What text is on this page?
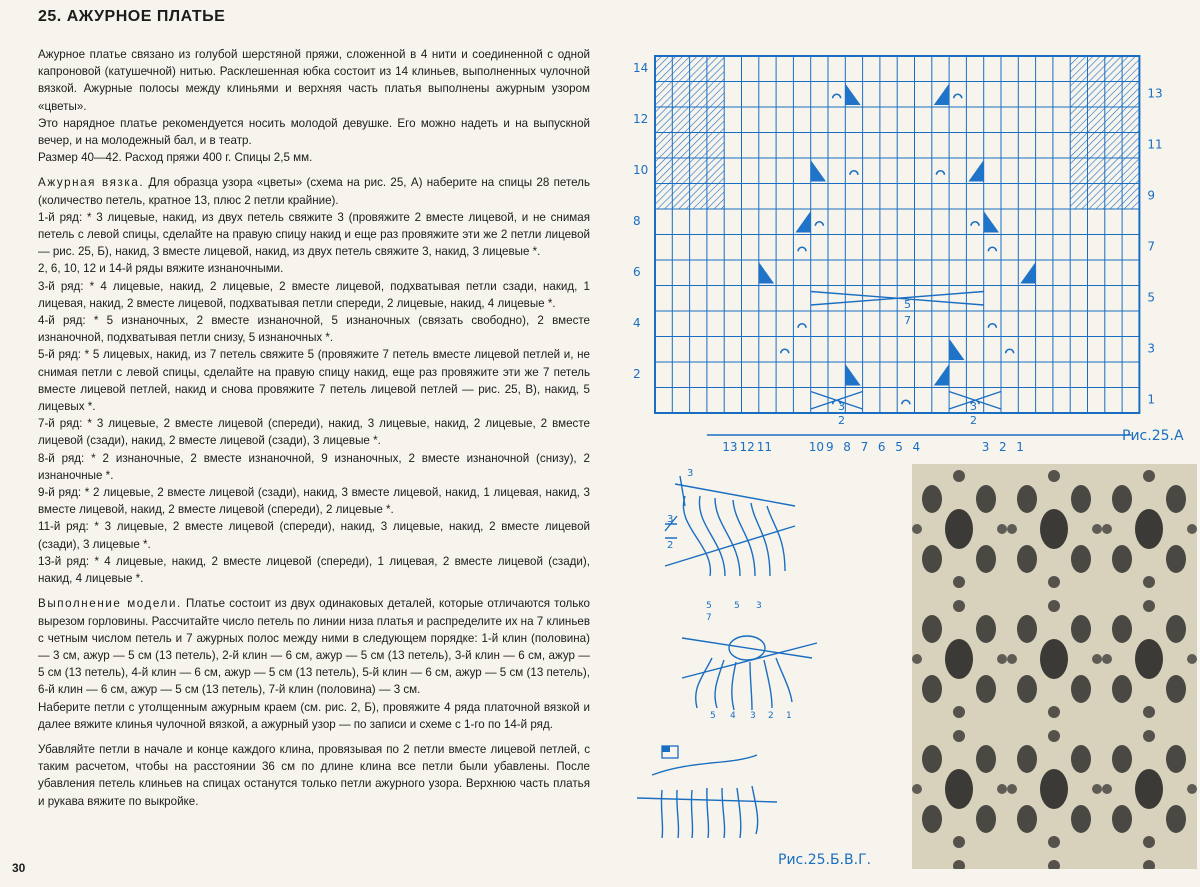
25. АЖУРНОЕ ПЛАТЬЕ

Ажурное платье связано из голубой шерстяной пряжи, сложенной в 4 нити и соединенной с одной капроновой (катушечной) нитью. Расклешенная юбка состоит из 14 клиньев, выполненных чулочной вязкой. Ажурные полосы между клиньями и верхняя часть платья выполнены ажурным узором «цветы».

Это нарядное платье рекомендуется носить молодой девушке. Его можно надеть и на выпускной вечер, и на молодежный бал, и в театр.

Размер 40—42. Расход пряжи 400 г. Спицы 2,5 мм.

Ажурная вязка. Для образца узора «цветы» (схема на рис. 25, А) наберите на спицы 28 петель (количество петель, кратное 13, плюс 2 петли крайние).

1-й ряд: * 3 лицевые, накид, из двух петель свяжите 3 (провяжите 2 вместе лицевой, и не снимая петель с левой спицы, сделайте на правую спицу накид и еще раз провяжите эти же 2 петли лицевой — рис. 25, Б), накид, 3 вместе лицевой, накид, из двух петель свяжите 3, накид, 3 лицевые *.

2, 6, 10, 12 и 14-й ряды вяжите изнаночными.

3-й ряд: * 4 лицевые, накид, 2 лицевые, 2 вместе лицевой, подхватывая петли сзади, накид, 1 лицевая, накид, 2 вместе лицевой, подхватывая петли спереди, 2 лицевые, накид, 4 лицевые *.

4-й ряд: * 5 изнаночных, 2 вместе изнаночной, 5 изнаночных (связать свободно), 2 вместе изнаночной, подхватывая петли снизу, 5 изнаночных *.

5-й ряд: * 5 лицевых, накид, из 7 петель свяжите 5 (провяжите 7 петель вместе лицевой петлей и, не снимая петли с левой спицы, сделайте на правую спицу накид, еще раз провяжите эти же 7 петель вместе лицевой петлей, накид и снова провяжите 7 петель лицевой петлей — рис. 25, В), накид, 5 лицевых *.

7-й ряд: * 3 лицевые, 2 вместе лицевой (спереди), накид, 3 лицевые, накид, 2 лицевые, 2 вместе лицевой (сзади), накид, 2 вместе лицевой (сзади), 3 лицевые *.

8-й ряд: * 2 изнаночные, 2 вместе изнаночной, 9 изнаночных, 2 вместе изнаночной (снизу), 2 изнаночные *.

9-й ряд: * 2 лицевые, 2 вместе лицевой (сзади), накид, 3 вместе лицевой, накид, 1 лицевая, накид, 3 вместе лицевой, накид, 2 вместе лицевой (спереди), 2 лицевые *.

11-й ряд: * 3 лицевые, 2 вместе лицевой (спереди), накид, 3 лицевые, накид, 2 вместе лицевой (сзади), 3 лицевые *.

13-й ряд: * 4 лицевые, накид, 2 вместе лицевой (спереди), 1 лицевая, 2 вместе лицевой (сзади), накид, 4 лицевые *.

Выполнение модели. Платье состоит из двух одинаковых деталей, которые отличаются только вырезом горловины. Рассчитайте число петель по линии низа платья и распределите их на 7 клиньев с четным числом петель и 7 ажурных полос между ними в следующем порядке: 1-й клин (половина) — 3 см, ажур — 5 см (13 петель), 2-й клин — 6 см, ажур — 5 см (13 петель), 3-й клин — 6 см, ажур — 5 см (13 петель), 4-й клин — 6 см, ажур — 5 см (13 петель), 5-й клин — 6 см, ажур — 5 см (13 петель), 6-й клин — 6 см, ажур — 5 см (13 петель), 7-й клин (половина) — 3 см.

Наберите петли с утолщенным ажурным краем (см. рис. 2, Б), провяжите 4 ряда платочной вязкой и далее вяжите клинья чулочной вязкой, а ажурный узор — по записи и схеме с 1-го по 14-й ряд.

Убавляйте петли в начале и конце каждого клина, провязывая по 2 петли вместе лицевой петлей, с таким расчетом, чтобы на расстоянии 36 см по длине клина все петли были убавлены. После убавления петель клиньев на спицах останутся только петли ажурного узора. Верхнюю часть платья и рукава вяжите по выкройке.

30
14
12
10
8
6
4
2
13
11
9
7
5
3
1
13 12 11	10 9 8 7 6 5 4	3 2 1
5
7
3
2
3
2
Рис.25.А
3
3
2
5
7
5 3
5 4 3 2 1
Рис.25.Б.В.Г.
